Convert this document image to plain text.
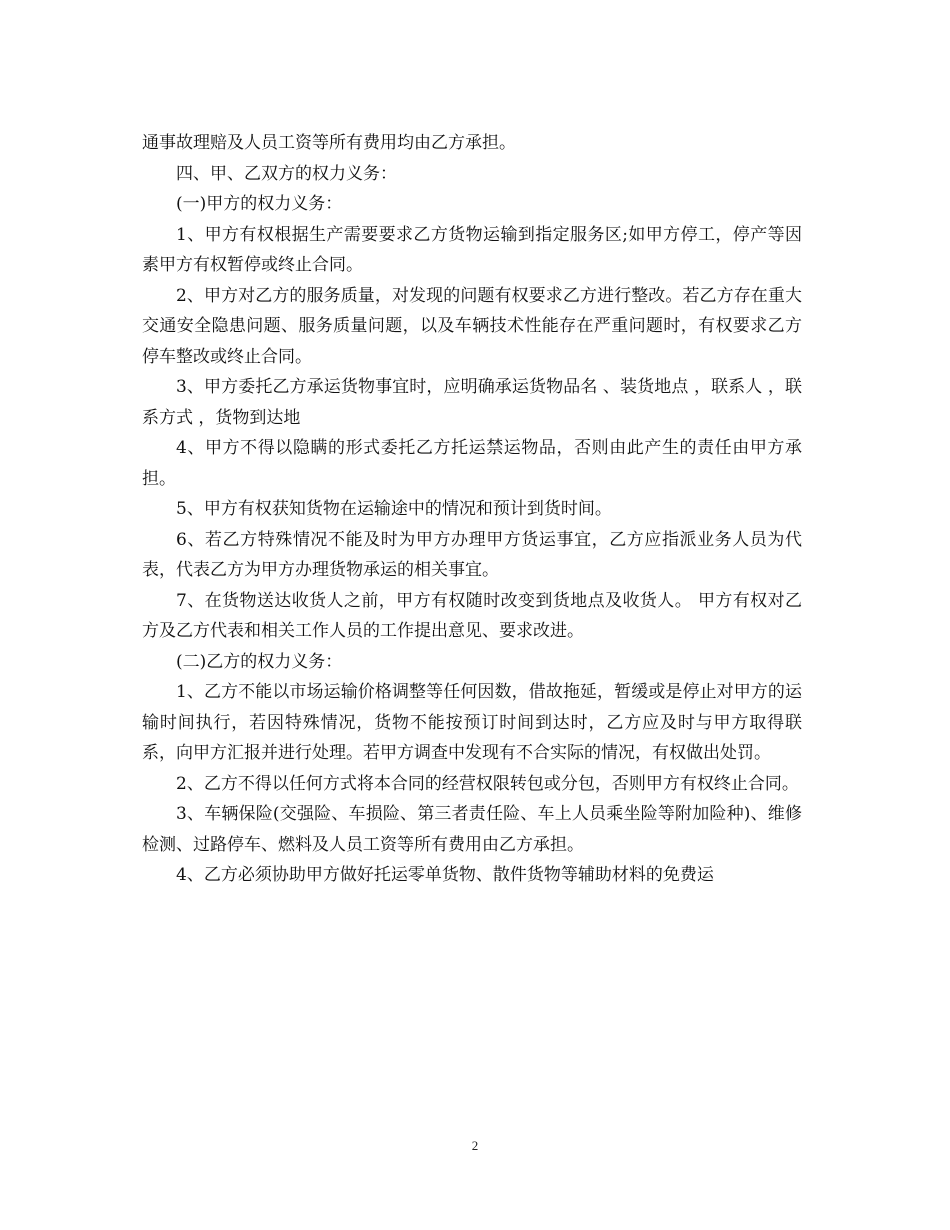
通事故理赔及人员工资等所有费用均由乙方承担。

四、甲、乙双方的权力义务：

(一)甲方的权力义务：

1、甲方有权根据生产需要要求乙方货物运输到指定服务区;如甲方停工，停产等因素甲方有权暂停或终止合同。

2、甲方对乙方的服务质量，对发现的问题有权要求乙方进行整改。若乙方存在重大交通安全隐患问题、服务质量问题，以及车辆技术性能存在严重问题时，有权要求乙方停车整改或终止合同。

3、甲方委托乙方承运货物事宜时，应明确承运货物品名 、装货地点 ，联系人 ，联系方式 ，货物到达地

4、甲方不得以隐瞒的形式委托乙方托运禁运物品，否则由此产生的责任由甲方承担。

5、甲方有权获知货物在运输途中的情况和预计到货时间。

6、若乙方特殊情况不能及时为甲方办理甲方货运事宜，乙方应指派业务人员为代表，代表乙方为甲方办理货物承运的相关事宜。

7、在货物送达收货人之前，甲方有权随时改变到货地点及收货人。 甲方有权对乙方及乙方代表和相关工作人员的工作提出意见、要求改进。

(二)乙方的权力义务：

1、乙方不能以市场运输价格调整等任何因数，借故拖延，暂缓或是停止对甲方的运输时间执行，若因特殊情况，货物不能按预订时间到达时，乙方应及时与甲方取得联系，向甲方汇报并进行处理。若甲方调查中发现有不合实际的情况，有权做出处罚。

2、乙方不得以任何方式将本合同的经营权限转包或分包，否则甲方有权终止合同。

3、车辆保险(交强险、车损险、第三者责任险、车上人员乘坐险等附加险种)、维修检测、过路停车、燃料及人员工资等所有费用由乙方承担。

4、乙方必须协助甲方做好托运零单货物、散件货物等辅助材料的免费运

2
